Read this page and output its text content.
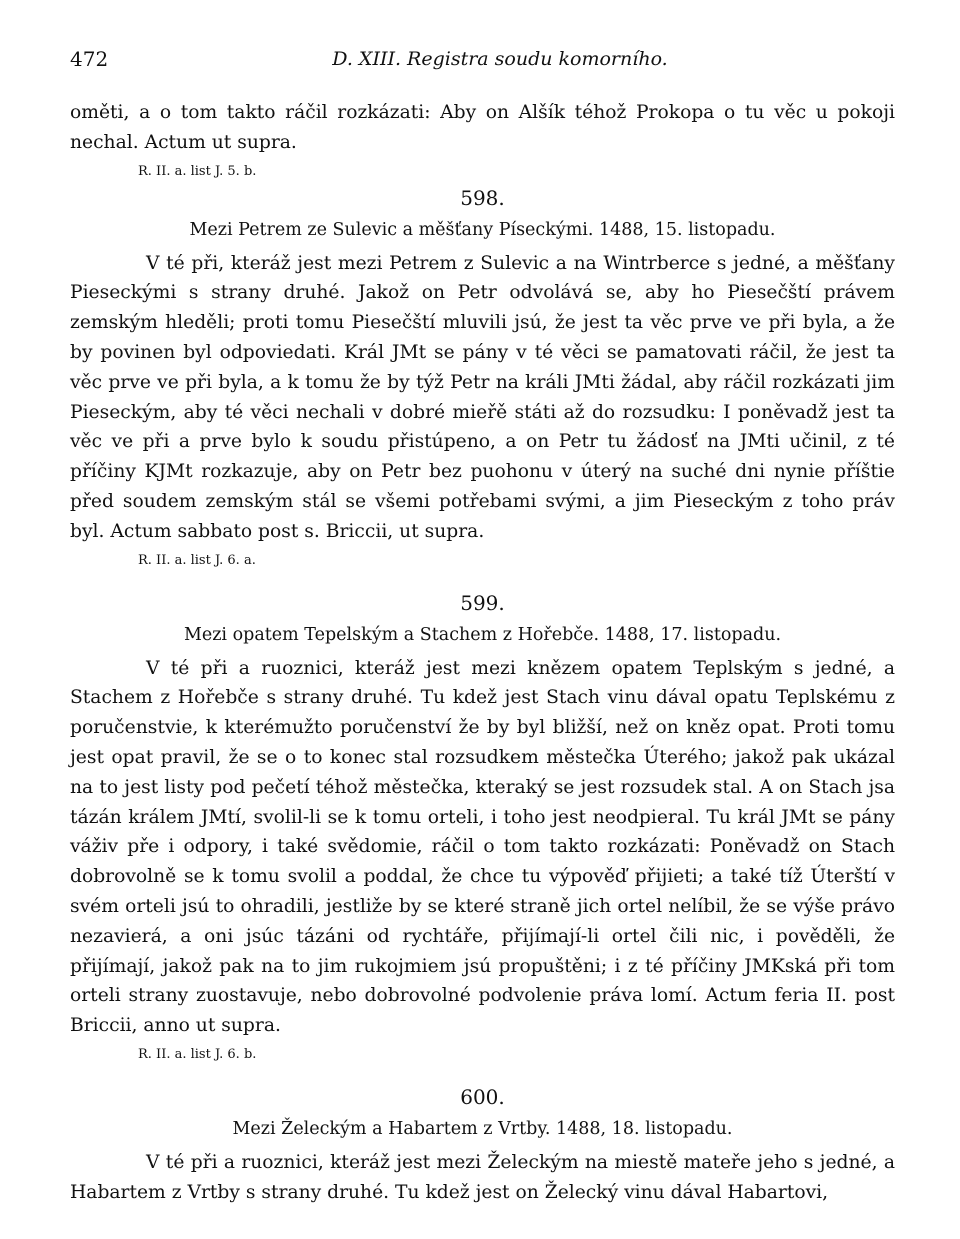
472	D. XIII. Registra soudu komorního.

oměti, a o tom takto ráčil rozkázati: Aby on Alšík téhož Prokopa o tu věc u pokoji nechal. Actum ut supra.

R. II. a. list J. 5. b.

598.

Mezi Petrem ze Sulevic a měšťany Píseckými. 1488, 15. listopadu.

V té při, kteráž jest mezi Petrem z Sulevic a na Wintrberce s jedné, a měšťany Pieseckými s strany druhé. Jakož on Petr odvolává se, aby ho Piesečští právem zemským hleděli; proti tomu Piesečští mluvili jsú, že jest ta věc prve ve při byla, a že by povinen byl odpoviedati. Král JMt se pány v té věci se pamatovati ráčil, že jest ta věc prve ve při byla, a k tomu že by týž Petr na králi JMti žádal, aby ráčil rozkázati jim Pieseckým, aby té věci nechali v dobré mieřě státi až do rozsudku: I poněvadž jest ta věc ve při a prve bylo k soudu přistúpeno, a on Petr tu žádosť na JMti učinil, z té příčiny KJMt rozkazuje, aby on Petr bez puohonu v úterý na suché dni nynie příštie před soudem zemským stál se všemi potřebami svými, a jim Pieseckým z toho práv byl. Actum sabbato post s. Briccii, ut supra.

R. II. a. list J. 6. a.

599.

Mezi opatem Tepelským a Stachem z Hořebče. 1488, 17. listopadu.

V té při a ruoznici, kteráž jest mezi knězem opatem Teplským s jedné, a Stachem z Hořebče s strany druhé. Tu kdež jest Stach vinu dával opatu Teplskému z poručenstvie, k kterémužto poručenství že by byl bližší, než on kněz opat. Proti tomu jest opat pravil, že se o to konec stal rozsudkem městečka Úterého; jakož pak ukázal na to jest listy pod pečetí téhož městečka, kteraký se jest rozsudek stal. A on Stach jsa tázán králem JMtí, svolil-li se k tomu orteli, i toho jest neodpieral. Tu král JMt se pány váživ pře i odpory, i také svědomie, ráčil o tom takto rozkázati: Poněvadž on Stach dobrovolně se k tomu svolil a poddal, že chce tu výpověď přijieti; a také tíž Úterští v svém orteli jsú to ohradili, jestliže by se které straně jich ortel nelíbil, že se výše právo nezavierá, a oni jsúc tázáni od rychtáře, přijímají-li ortel čili nic, i pověděli, že přijímají, jakož pak na to jim rukojmiem jsú propuštěni; i z té příčiny JMKská při tom orteli strany zuostavuje, nebo dobrovolné podvolenie práva lomí. Actum feria II. post Briccii, anno ut supra.

R. II. a. list J. 6. b.

600.

Mezi Želeckým a Habartem z Vrtby. 1488, 18. listopadu.

V té při a ruoznici, kteráž jest mezi Želeckým na miestě mateře jeho s jedné, a Habartem z Vrtby s strany druhé. Tu kdež jest on Želecký vinu dával Habartovi,
